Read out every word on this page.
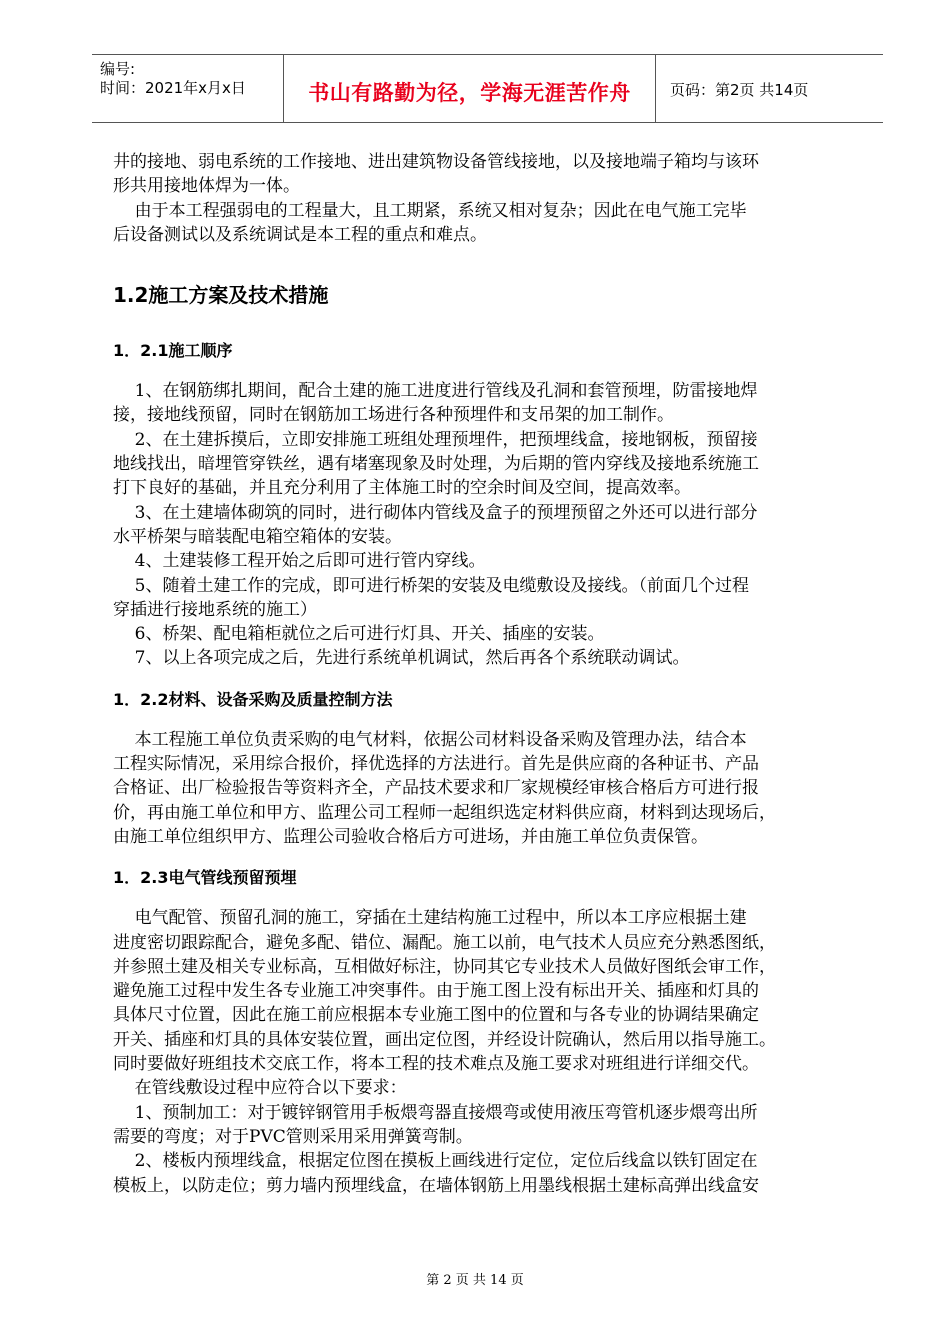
编号:
时间：2021年x月x日	书山有路勤为径，学海无涯苦作舟	页码：第2页 共14页

井的接地、弱电系统的工作接地、进出建筑物设备管线接地，以及接地端子箱均与该环
形共用接地体焊为一体。

由于本工程强弱电的工程量大，且工期紧，系统又相对复杂；因此在电气施工完毕
后设备测试以及系统调试是本工程的重点和难点。

1.2施工方案及技术措施
1．2.1施工顺序

1、在钢筋绑扎期间，配合土建的施工进度进行管线及孔洞和套管预埋，防雷接地焊
接，接地线预留，同时在钢筋加工场进行各种预埋件和支吊架的加工制作。

2、在土建拆摸后，立即安排施工班组处理预埋件，把预埋线盒，接地钢板，预留接
地线找出，暗埋管穿铁丝，遇有堵塞现象及时处理，为后期的管内穿线及接地系统施工
打下良好的基础，并且充分利用了主体施工时的空余时间及空间，提高效率。

3、在土建墙体砌筑的同时，进行砌体内管线及盒子的预埋预留之外还可以进行部分
水平桥架与暗装配电箱空箱体的安装。

4、土建装修工程开始之后即可进行管内穿线。

5、随着土建工作的完成，即可进行桥架的安装及电缆敷设及接线。（前面几个过程
穿插进行接地系统的施工）

6、桥架、配电箱柜就位之后可进行灯具、开关、插座的安装。

7、以上各项完成之后，先进行系统单机调试，然后再各个系统联动调试。

1．2.2材料、设备采购及质量控制方法

本工程施工单位负责采购的电气材料，依据公司材料设备采购及管理办法，结合本
工程实际情况，采用综合报价，择优选择的方法进行。首先是供应商的各种证书、产品
合格证、出厂检验报告等资料齐全，产品技术要求和厂家规模经审核合格后方可进行报
价，再由施工单位和甲方、监理公司工程师一起组织选定材料供应商，材料到达现场后，
由施工单位组织甲方、监理公司验收合格后方可进场，并由施工单位负责保管。

1．2.3电气管线预留预埋

电气配管、预留孔洞的施工，穿插在土建结构施工过程中，所以本工序应根据土建
进度密切跟踪配合，避免多配、错位、漏配。施工以前，电气技术人员应充分熟悉图纸，
并参照土建及相关专业标高，互相做好标注，协同其它专业技术人员做好图纸会审工作，
避免施工过程中发生各专业施工冲突事件。由于施工图上没有标出开关、插座和灯具的
具体尺寸位置，因此在施工前应根据本专业施工图中的位置和与各专业的协调结果确定
开关、插座和灯具的具体安装位置，画出定位图，并经设计院确认，然后用以指导施工。
同时要做好班组技术交底工作，将本工程的技术难点及施工要求对班组进行详细交代。

在管线敷设过程中应符合以下要求：

1、预制加工：对于镀锌钢管用手板煨弯器直接煨弯或使用液压弯管机逐步煨弯出所
需要的弯度；对于PVC管则采用采用弹簧弯制。

2、楼板内预埋线盒，根据定位图在摸板上画线进行定位，定位后线盒以铁钉固定在
模板上，以防走位；剪力墙内预埋线盒，在墙体钢筋上用墨线根据土建标高弹出线盒安

第 2 页 共 14 页
